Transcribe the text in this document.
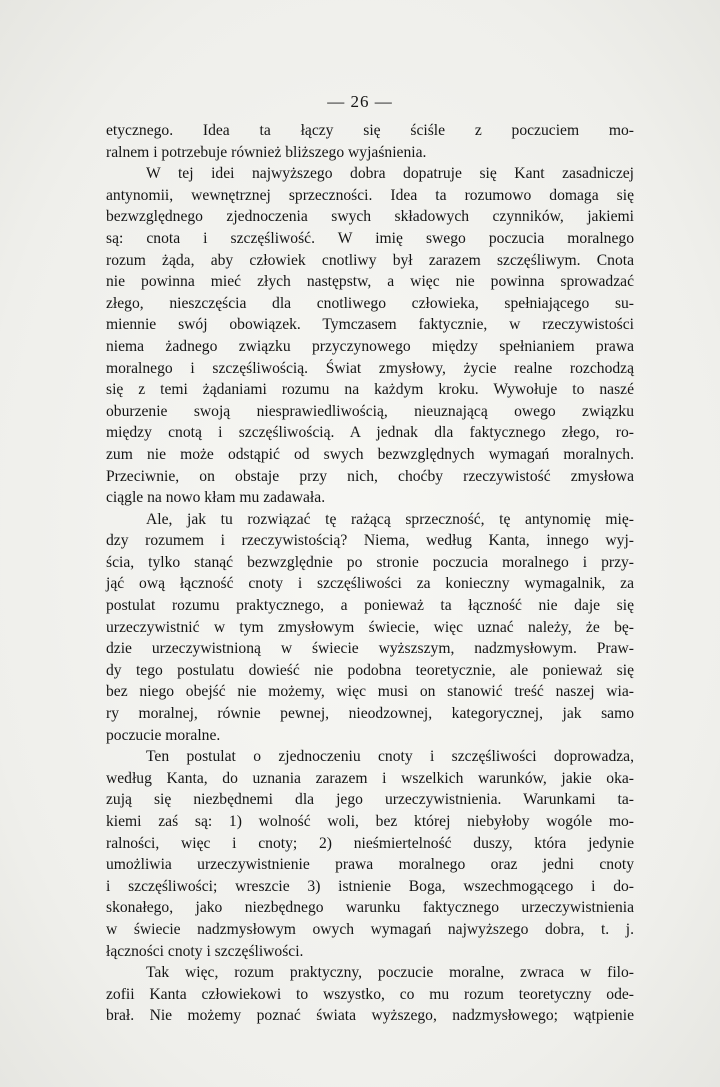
— 26 —
etycznego. Idea ta łączy się ściśle z poczuciem mo-
ralnem i potrzebuje również bliższego wyjaśnienia.
W tej idei najwyższego dobra dopatruje się Kant zasadniczej
antynomii, wewnętrznej sprzeczności. Idea ta rozumowo domaga się
bezwzględnego zjednoczenia swych składowych czynników, jakiemi
są: cnota i szczęśliwość. W imię swego poczucia moralnego
rozum żąda, aby człowiek cnotliwy był zarazem szczęśliwym. Cnota
nie powinna mieć złych następstw, a więc nie powinna sprowadzać
złego, nieszczęścia dla cnotliwego człowieka, spełniającego su-
miennie swój obowiązek. Tymczasem faktycznie, w rzeczywistości
niema żadnego związku przyczynowego między spełnianiem prawa
moralnego i szczęśliwością. Świat zmysłowy, życie realne rozchodzą
się z temi żądaniami rozumu na każdym kroku. Wywołuje to naszé
oburzenie swoją niesprawiedliwością, nieuznającą owego związku
między cnotą i szczęśliwością. A jednak dla faktycznego złego, ro-
zum nie może odstąpić od swych bezwzględnych wymagań moralnych.
Przeciwnie, on obstaje przy nich, choćby rzeczywistość zmysłowa
ciągle na nowo kłam mu zadawała.
Ale, jak tu rozwiązać tę rażącą sprzeczność, tę antynomię mię-
dzy rozumem i rzeczywistością? Niema, według Kanta, innego wyj-
ścia, tylko stanąć bezwzględnie po stronie poczucia moralnego i przy-
jąć ową łączność cnoty i szczęśliwości za konieczny wymagalnik, za
postulat rozumu praktycznego, a ponieważ ta łączność nie daje się
urzeczywistnić w tym zmysłowym świecie, więc uznać należy, że bę-
dzie urzeczywistnioną w świecie wyższszym, nadzmysłowym. Praw-
dy tego postulatu dowieść nie podobna teoretycznie, ale ponieważ się
bez niego obejść nie możemy, więc musi on stanowić treść naszej wia-
ry moralnej, równie pewnej, nieodzownej, kategorycznej, jak samo
poczucie moralne.
Ten postulat o zjednoczeniu cnoty i szczęśliwości doprowadza,
według Kanta, do uznania zarazem i wszelkich warunków, jakie oka-
zują się niezbędnemi dla jego urzeczywistnienia. Warunkami ta-
kiemi zaś są: 1) wolność woli, bez której niebyłoby wogóle mo-
ralności, więc i cnoty; 2) nieśmiertelność duszy, która jedynie
umożliwia urzeczywistnienie prawa moralnego oraz jedni cnoty
i szczęśliwości; wreszcie 3) istnienie Boga, wszechmogącego i do-
skonałego, jako niezbędnego warunku faktycznego urzeczywistnienia
w świecie nadzmysłowym owych wymagań najwyższego dobra, t. j.
łączności cnoty i szczęśliwości.
Tak więc, rozum praktyczny, poczucie moralne, zwraca w filo-
zofii Kanta człowiekowi to wszystko, co mu rozum teoretyczny ode-
brał. Nie możemy poznać świata wyższego, nadzmysłowego; wątpienie
